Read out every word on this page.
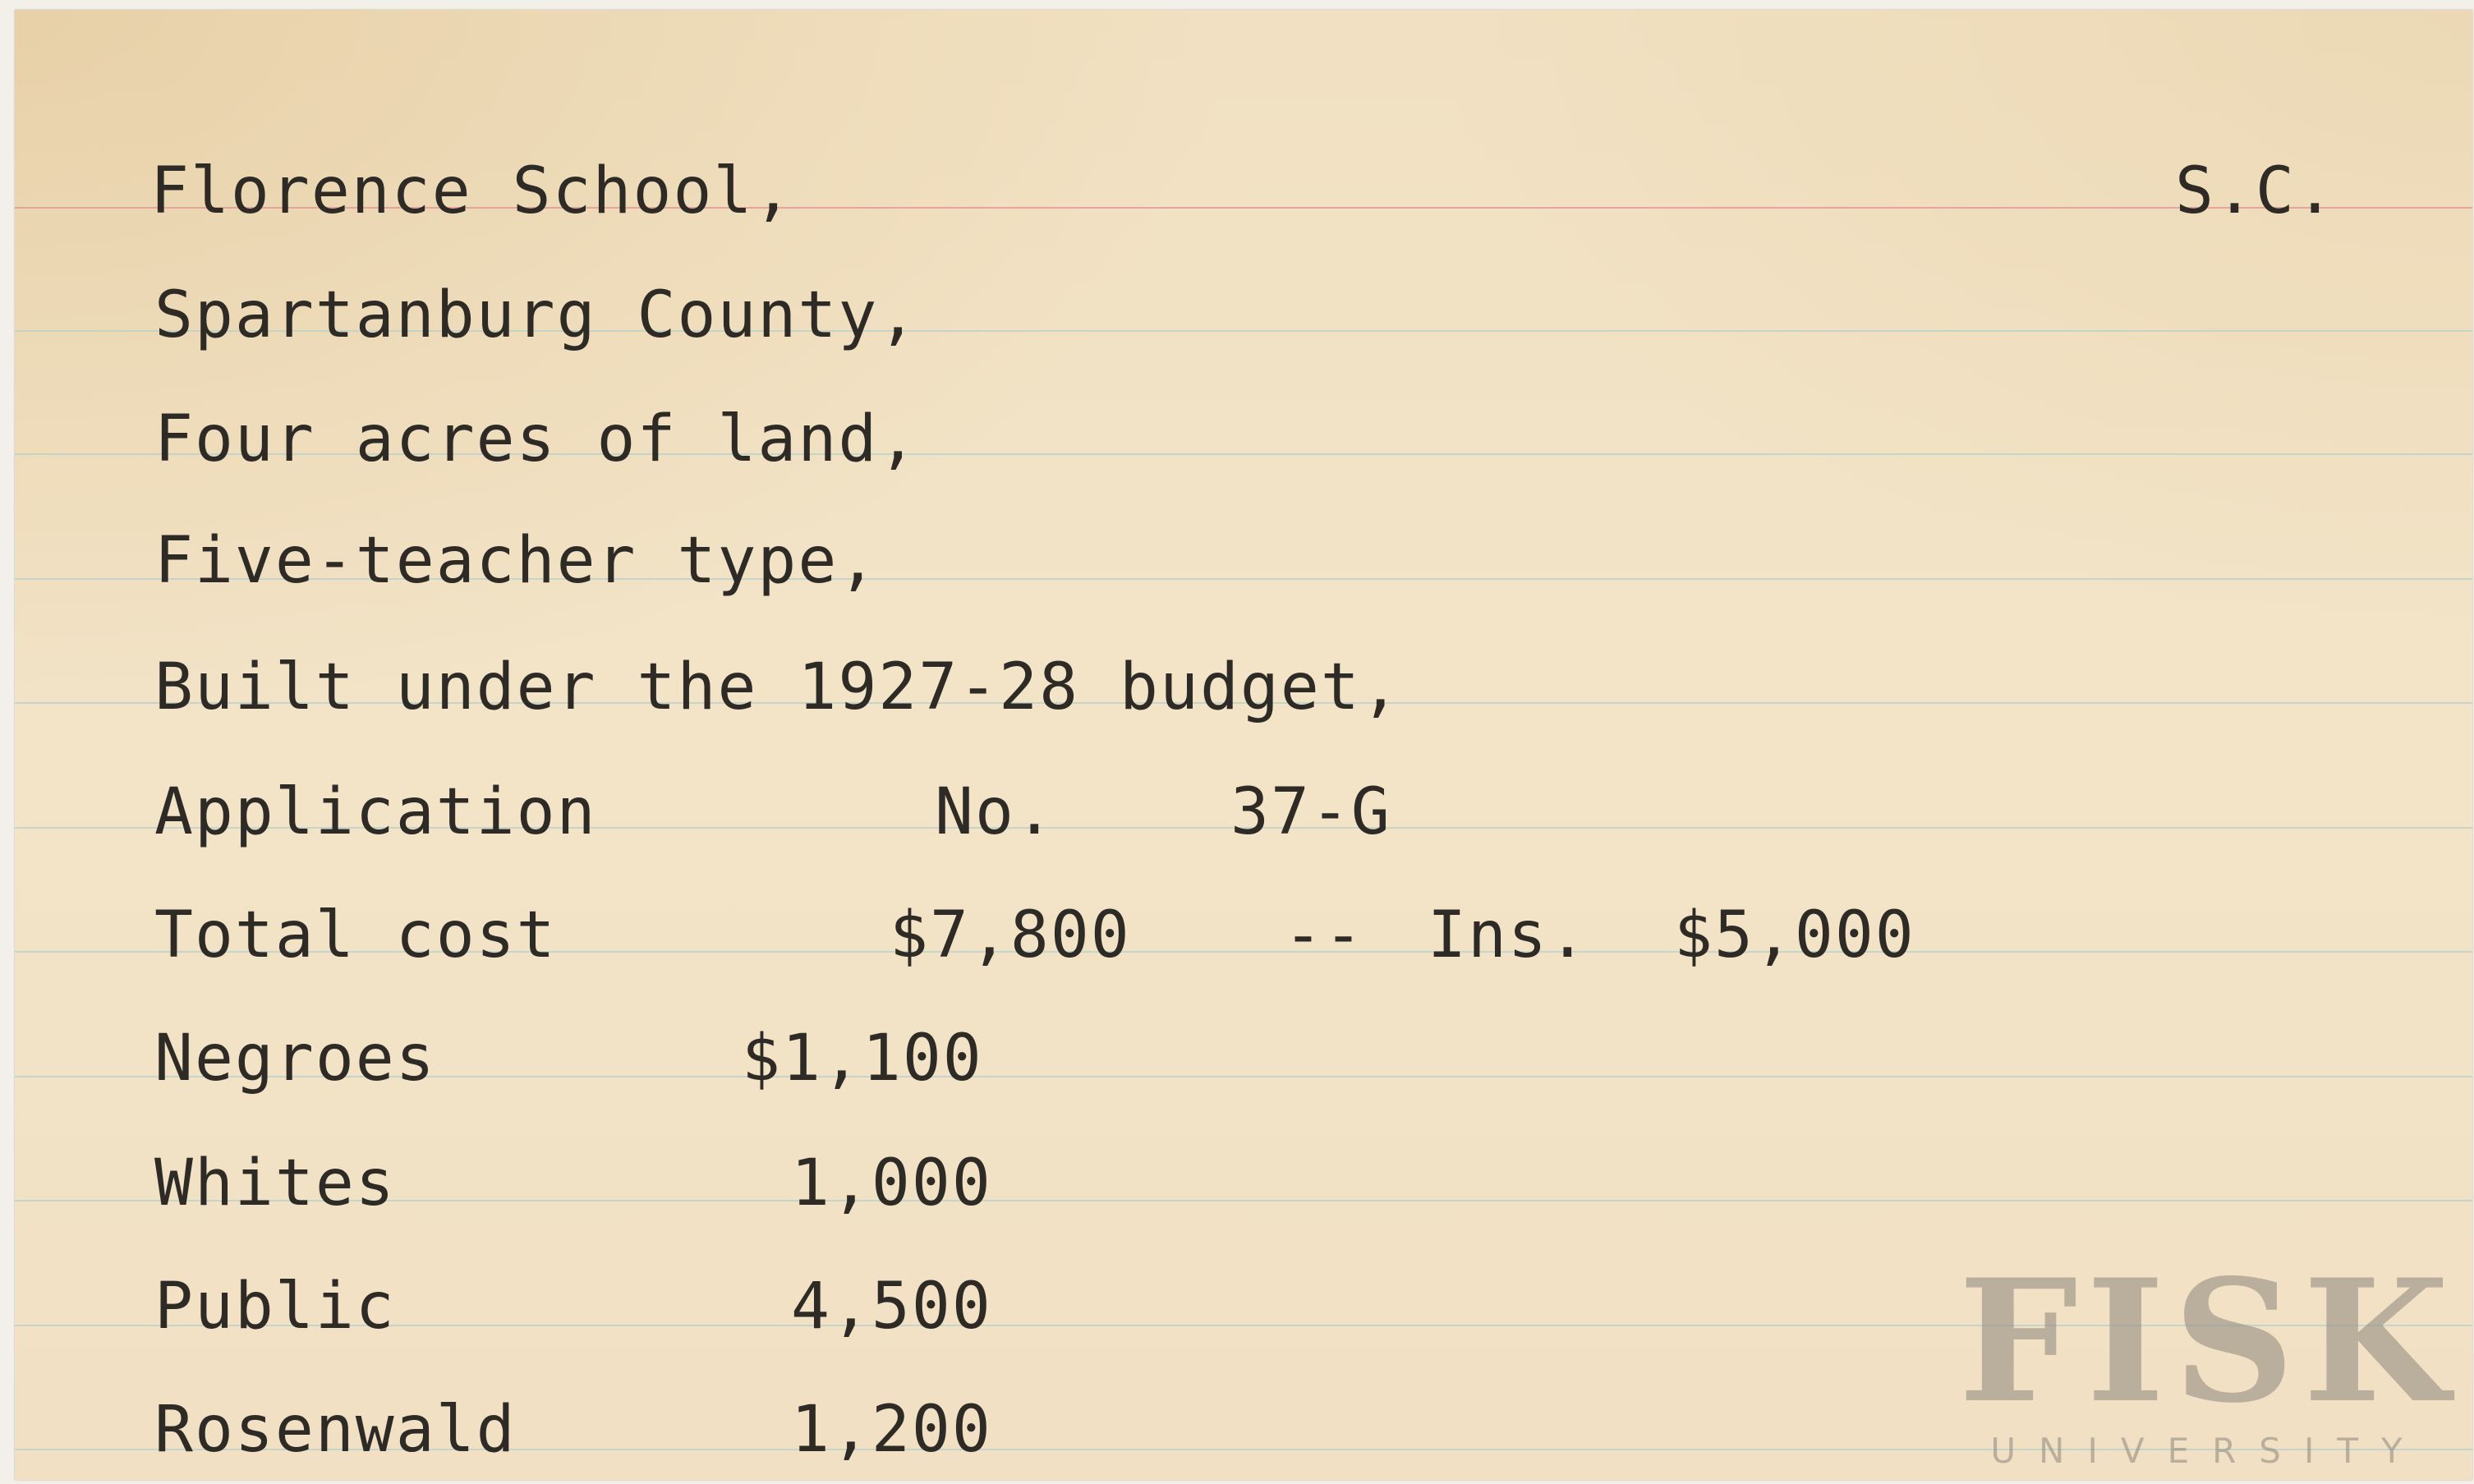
Florence School,	S.C.
Spartanburg County,
Four acres of land,
Five-teacher type,
Built under the 1927-28 budget,
Application	No.	37-G
Total cost	$7,800 -- Ins. $5,000
Negroes	$1,100
Whites	1,000
Public	4,500
Rosenwald	1,200	FISK
UNIVERSITY
